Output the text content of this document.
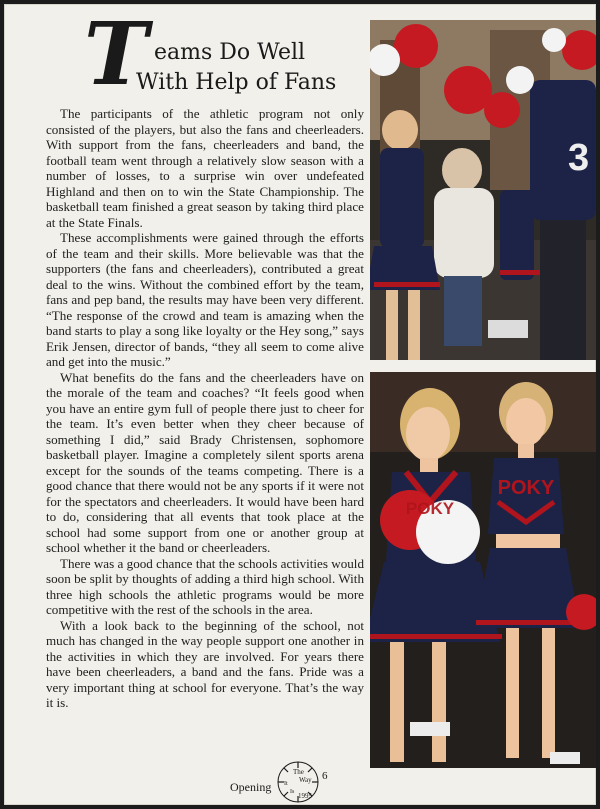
T eams Do Well
With Help of Fans

The participants of the athletic program not only consisted of the players, but also the fans and cheerleaders. With support from the fans, cheerleaders and band, the football team went through a relatively slow season with a number of losses, to a surprise win over undefeated Highland and then on to win the State Championship. The basketball team finished a great season by taking third place at the State Finals.

These accomplishments were gained through the efforts of the team and their skills. More believable was that the supporters (the fans and cheerleaders), contributed a great deal to the wins. Without the combined effort by the team, fans and pep band, the results may have been very different. “The response of the crowd and team is amazing when the band starts to play a song like loyalty or the Hey song,” says Erik Jensen, director of bands, “they all seem to come alive and get into the music.”

What benefits do the fans and the cheerleaders have on the morale of the team and coaches? “It feels good when you have an entire gym full of people there just to cheer for the team. It’s even better when they cheer because of something I did,” said Brady Christensen, sophomore basketball player. Imagine a completely silent sports arena except for the sounds of the teams competing. There is a good chance that there would not be any sports if it were not for the spectators and cheerleaders. It would have been hard to do, considering that all events that took place at the school had some support from one or another group at school whether it the band or cheerleaders.

There was a good chance that the schools activities would soon be split by thoughts of adding a third high school. With three high schools the athletic programs would be more competitive with the rest of the schools in the area.

With a look back to the beginning of the school, not much has changed in the way people support one another in the activities in which they are involved. For years there have been cheerleaders, a band and the fans. Pride was a very important thing at school for everyone. That’s the way it is.

3
POKY
POKY
Opening
The
Way
It
Is 1995
6
